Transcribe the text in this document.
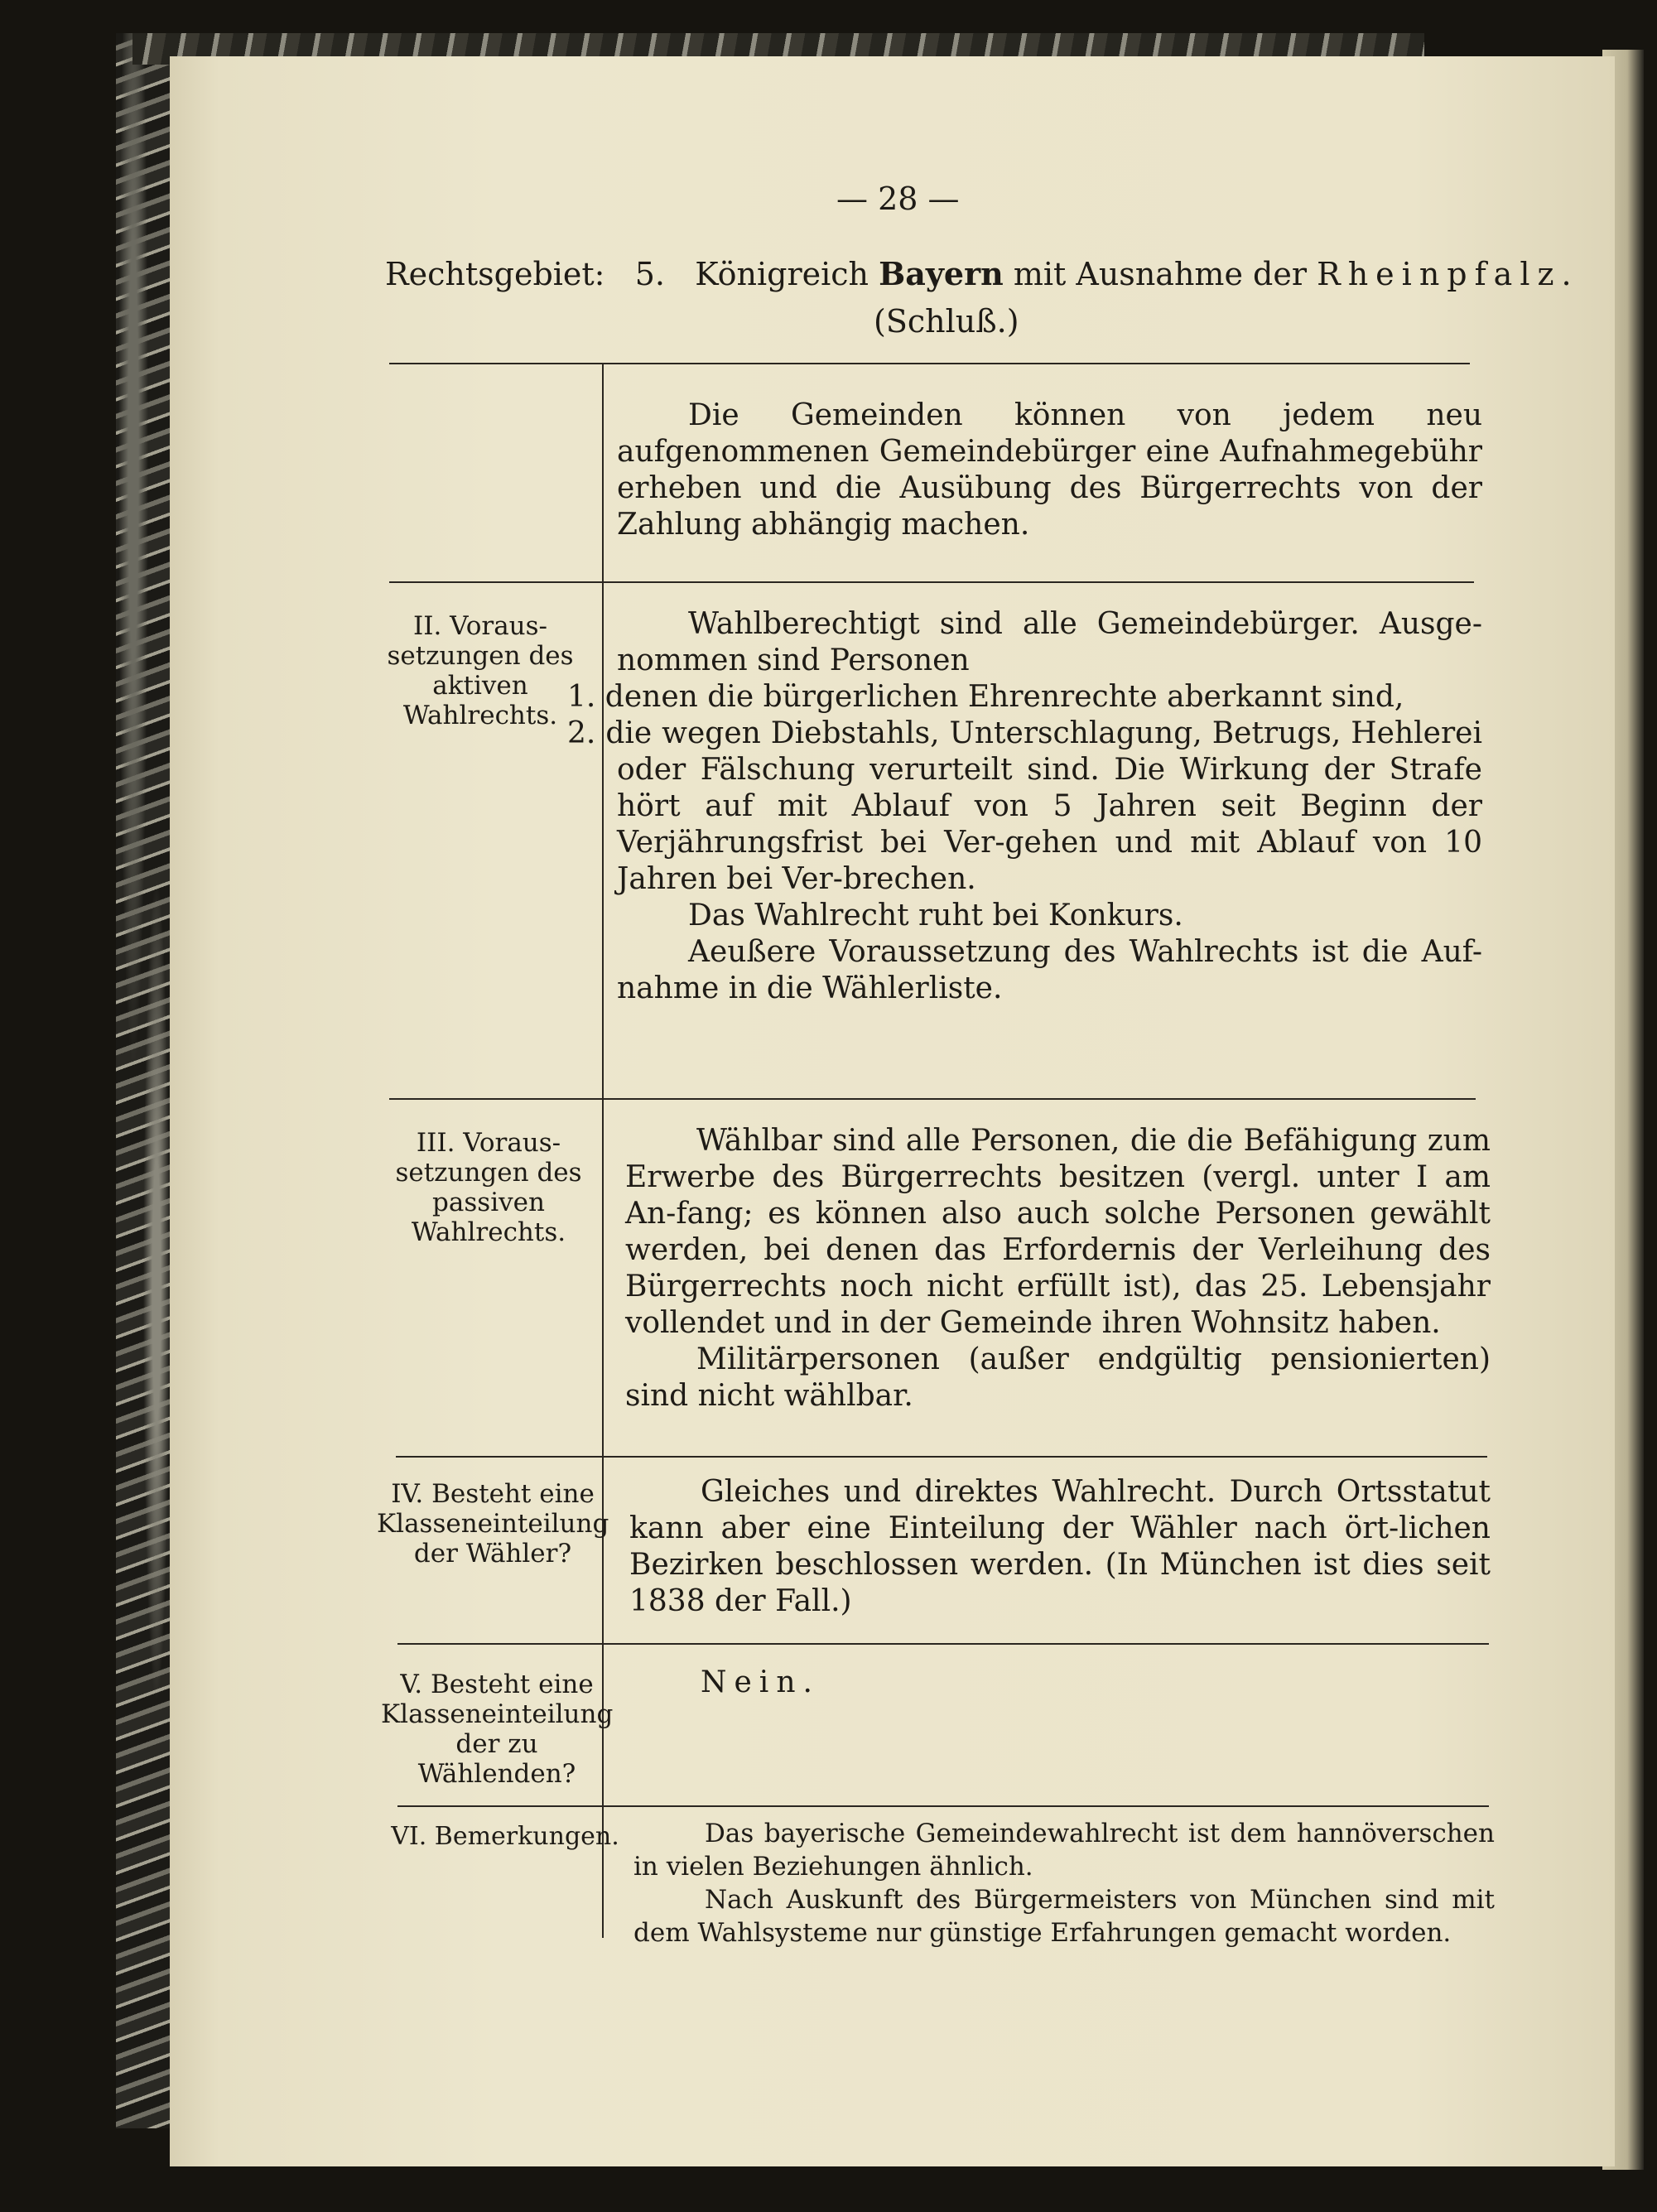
— 28 —
Rechtsgebiet: 5. Königreich Bayern mit Ausnahme der Rheinpfalz.
(Schluß.)

Die Gemeinden können von jedem neu aufgenommenen Gemeindebürger eine Aufnahmegebühr erheben und die Ausübung des Bürgerrechts von der Zahlung abhängig machen.

II. Voraus-setzungen des aktiven Wahlrechts.

Wahlberechtigt sind alle Gemeindebürger. Ausge-nommen sind Personen

1. denen die bürgerlichen Ehrenrechte aberkannt sind,

2. die wegen Diebstahls, Unterschlagung, Betrugs, Hehlerei oder Fälschung verurteilt sind. Die Wirkung der Strafe hört auf mit Ablauf von 5 Jahren seit Beginn der Verjährungsfrist bei Ver-gehen und mit Ablauf von 10 Jahren bei Ver-brechen.

Das Wahlrecht ruht bei Konkurs.

Aeußere Voraussetzung des Wahlrechts ist die Auf-nahme in die Wählerliste.

III. Voraus-setzungen des passiven Wahlrechts.

Wählbar sind alle Personen, die die Befähigung zum Erwerbe des Bürgerrechts besitzen (vergl. unter I am An-fang; es können also auch solche Personen gewählt werden, bei denen das Erfordernis der Verleihung des Bürgerrechts noch nicht erfüllt ist), das 25. Lebensjahr vollendet und in der Gemeinde ihren Wohnsitz haben.

Militärpersonen (außer endgültig pensionierten) sind nicht wählbar.

IV. Besteht eine Klasseneinteilung der Wähler?

Gleiches und direktes Wahlrecht. Durch Ortsstatut kann aber eine Einteilung der Wähler nach ört-lichen Bezirken beschlossen werden. (In München ist dies seit 1838 der Fall.)

V. Besteht eine Klasseneinteilung der zu Wählenden?

Nein.

VI. Bemerkungen.	Das bayerische Gemeindewahlrecht ist dem hannöverschen in vielen Beziehungen ähnlich.

Nach Auskunft des Bürgermeisters von München sind mit dem Wahlsysteme nur günstige Erfahrungen gemacht worden.
